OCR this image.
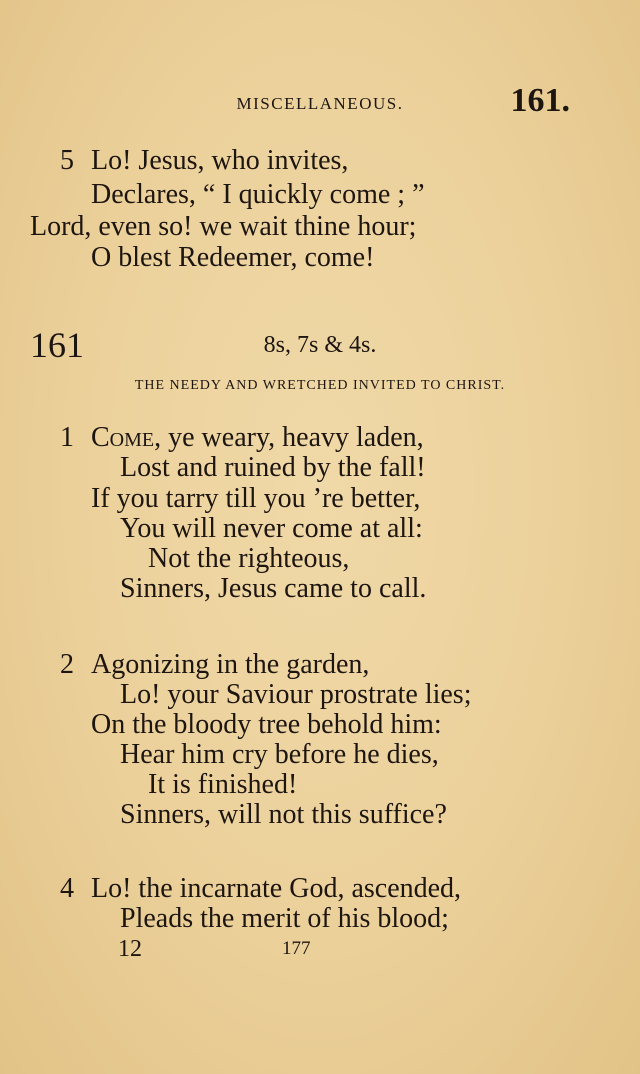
MISCELLANEOUS.	161.
5 Lo! Jesus, who invites,
Declares, “ I quickly come ; ”
Lord, even so! we wait thine hour;
O blest Redeemer, come!
161	8s, 7s & 4s.
THE NEEDY AND WRETCHED INVITED TO CHRIST.
1 Come, ye weary, heavy laden,
Lost and ruined by the fall!
If you tarry till you ’re better,
You will never come at all:
Not the righteous,
Sinners, Jesus came to call.
2 Agonizing in the garden,
Lo! your Saviour prostrate lies;
On the bloody tree behold him:
Hear him cry before he dies,
It is finished!
Sinners, will not this suffice?
4 Lo! the incarnate God, ascended,
Pleads the merit of his blood;
12	177
